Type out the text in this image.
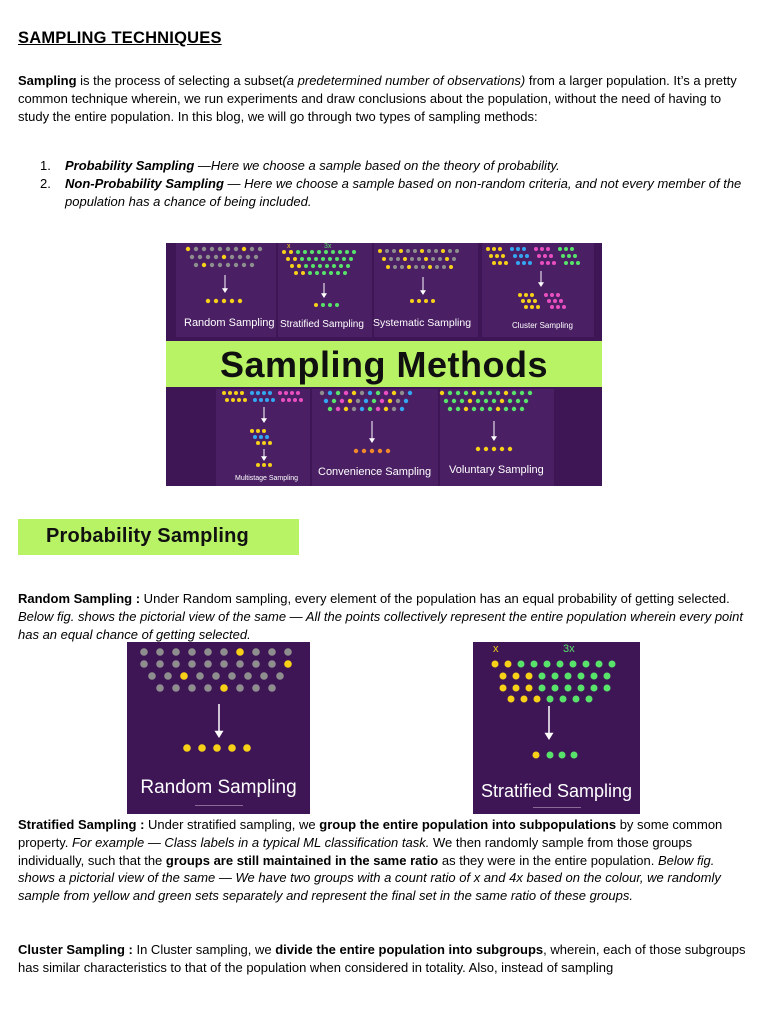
SAMPLING TECHNIQUES
Sampling is the process of selecting a subset(a predetermined number of observations) from a larger population. It’s a pretty common technique wherein, we run experiments and draw conclusions about the population, without the need of having to study the entire population. In this blog, we will go through two types of sampling methods:
1. Probability Sampling —Here we choose a sample based on the theory of probability.
2. Non-Probability Sampling — Here we choose a sample based on non-random criteria, and not every member of the population has a chance of being included.
Sampling Methods
Random Sampling Stratified Sampling Systematic Sampling	Cluster Sampling
Multistage Sampling
Convenience Sampling Voluntary Sampling
x	3x
Probability Sampling
Random Sampling : Under Random sampling, every element of the population has an equal probability of getting selected. Below fig. shows the pictorial view of the same — All the points collectively represent the entire population wherein every point has an equal chance of getting selected.
Random Sampling
x	3x
Stratified Sampling
Stratified Sampling : Under stratified sampling, we group the entire population into subpopulations by some common property. For example — Class labels in a typical ML classification task. We then randomly sample from those groups individually, such that the groups are still maintained in the same ratio as they were in the entire population. Below fig. shows a pictorial view of the same — We have two groups with a count ratio of x and 4x based on the colour, we randomly sample from yellow and green sets separately and represent the final set in the same ratio of these groups.
Cluster Sampling : In Cluster sampling, we divide the entire population into subgroups, wherein, each of those subgroups has similar characteristics to that of the population when considered in totality. Also, instead of sampling
